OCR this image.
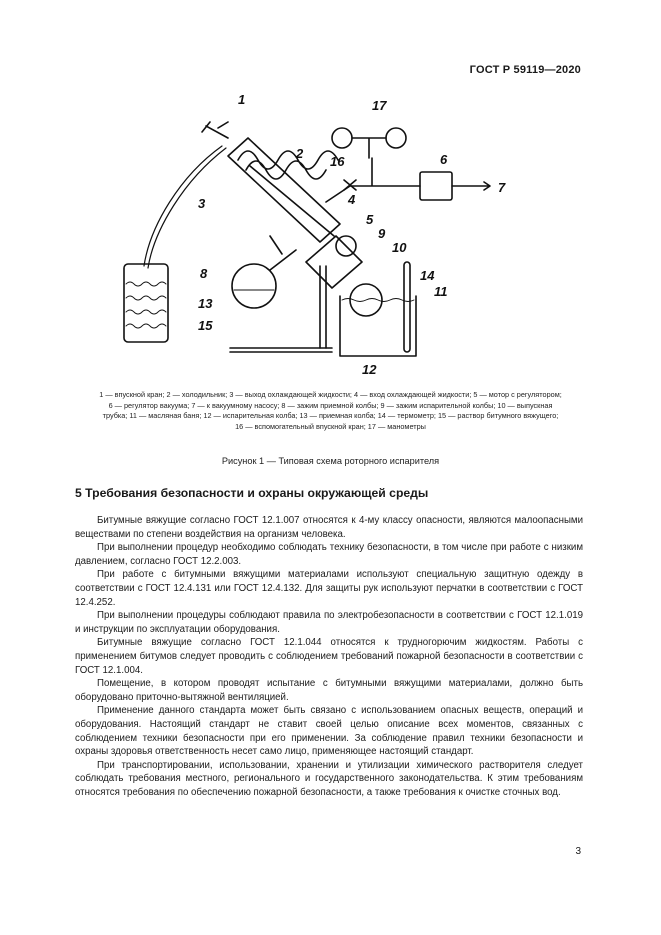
ГОСТ Р 59119—2020
1
2
3	4
5
6
7
8
9
10
11
12
13
14
15
16
17
1 — впускной кран; 2 — холодильник; 3 — выход охлаждающей жидкости; 4 — вход охлаждающей жидкости; 5 — мотор с регулятором; 6 — регулятор вакуума; 7 — к вакуумному насосу; 8 — зажим приемной колбы; 9 — зажим испарительной колбы; 10 — выпускная трубка; 11 — масляная баня; 12 — испарительная колба; 13 — приемная колба; 14 — термометр; 15 — раствор битумного вяжущего; 16 — вспомогательный впускной кран; 17 — манометры
Рисунок 1 — Типовая схема роторного испарителя
5 Требования безопасности и охраны окружающей среды

Битумные вяжущие согласно ГОСТ 12.1.007 относятся к 4-му классу опасности, являются малоопасными веществами по степени воздействия на организм человека.

При выполнении процедур необходимо соблюдать технику безопасности, в том числе при работе с низким давлением, согласно ГОСТ 12.2.003.

При работе с битумными вяжущими материалами используют специальную защитную одежду в соответствии с ГОСТ 12.4.131 или ГОСТ 12.4.132. Для защиты рук используют перчатки в соответствии с ГОСТ 12.4.252.

При выполнении процедуры соблюдают правила по электробезопасности в соответствии с ГОСТ 12.1.019 и инструкции по эксплуатации оборудования.

Битумные вяжущие согласно ГОСТ 12.1.044 относятся к трудногорючим жидкостям. Работы с применением битумов следует проводить с соблюдением требований пожарной безопасности в соответствии с ГОСТ 12.1.004.

Помещение, в котором проводят испытание с битумными вяжущими материалами, должно быть оборудовано приточно-вытяжной вентиляцией.

Применение данного стандарта может быть связано с использованием опасных веществ, операций и оборудования. Настоящий стандарт не ставит своей целью описание всех моментов, связанных с соблюдением техники безопасности при его применении. За соблюдение правил техники безопасности и охраны здоровья ответственность несет само лицо, применяющее настоящий стандарт.

При транспортировании, использовании, хранении и утилизации химического растворителя следует соблюдать требования местного, регионального и государственного законодательства. К этим требованиям относятся требования по обеспечению пожарной безопасности, а также требования к очистке сточных вод.

3
